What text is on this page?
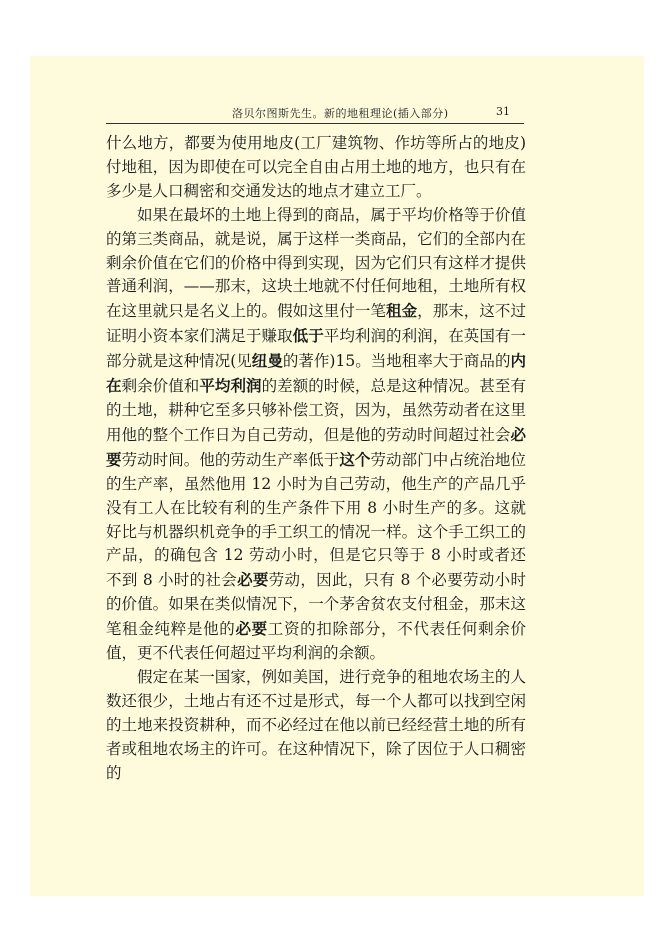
洛贝尔图斯先生。新的地租理论(插入部分)	31

什么地方，都要为使用地皮(工厂建筑物、作坊等所占的地皮)付地租，因为即使在可以完全自由占用土地的地方，也只有在多少是人口稠密和交通发达的地点才建立工厂。

如果在最坏的土地上得到的商品，属于平均价格等于价值的第三类商品，就是说，属于这样一类商品，它们的全部内在剩余价值在它们的价格中得到实现，因为它们只有这样才提供普通利润，——那末，这块土地就不付任何地租，土地所有权在这里就只是名义上的。假如这里付一笔租金，那末，这不过证明小资本家们满足于赚取低于平均利润的利润，在英国有一部分就是这种情况(见纽曼的著作)15。当地租率大于商品的内在剩余价值和平均利润的差额的时候，总是这种情况。甚至有的土地，耕种它至多只够补偿工资，因为，虽然劳动者在这里用他的整个工作日为自己劳动，但是他的劳动时间超过社会必要劳动时间。他的劳动生产率低于这个劳动部门中占统治地位的生产率，虽然他用 12 小时为自己劳动，他生产的产品几乎没有工人在比较有利的生产条件下用 8 小时生产的多。这就好比与机器织机竞争的手工织工的情况一样。这个手工织工的产品，的确包含 12 劳动小时，但是它只等于 8 小时或者还不到 8 小时的社会必要劳动，因此，只有 8 个必要劳动小时的价值。如果在类似情况下，一个茅舍贫农支付租金，那末这笔租金纯粹是他的必要工资的扣除部分，不代表任何剩余价值，更不代表任何超过平均利润的余额。

假定在某一国家，例如美国，进行竞争的租地农场主的人数还很少，土地占有还不过是形式，每一个人都可以找到空闲的土地来投资耕种，而不必经过在他以前已经经营土地的所有者或租地农场主的许可。在这种情况下，除了因位于人口稠密的
